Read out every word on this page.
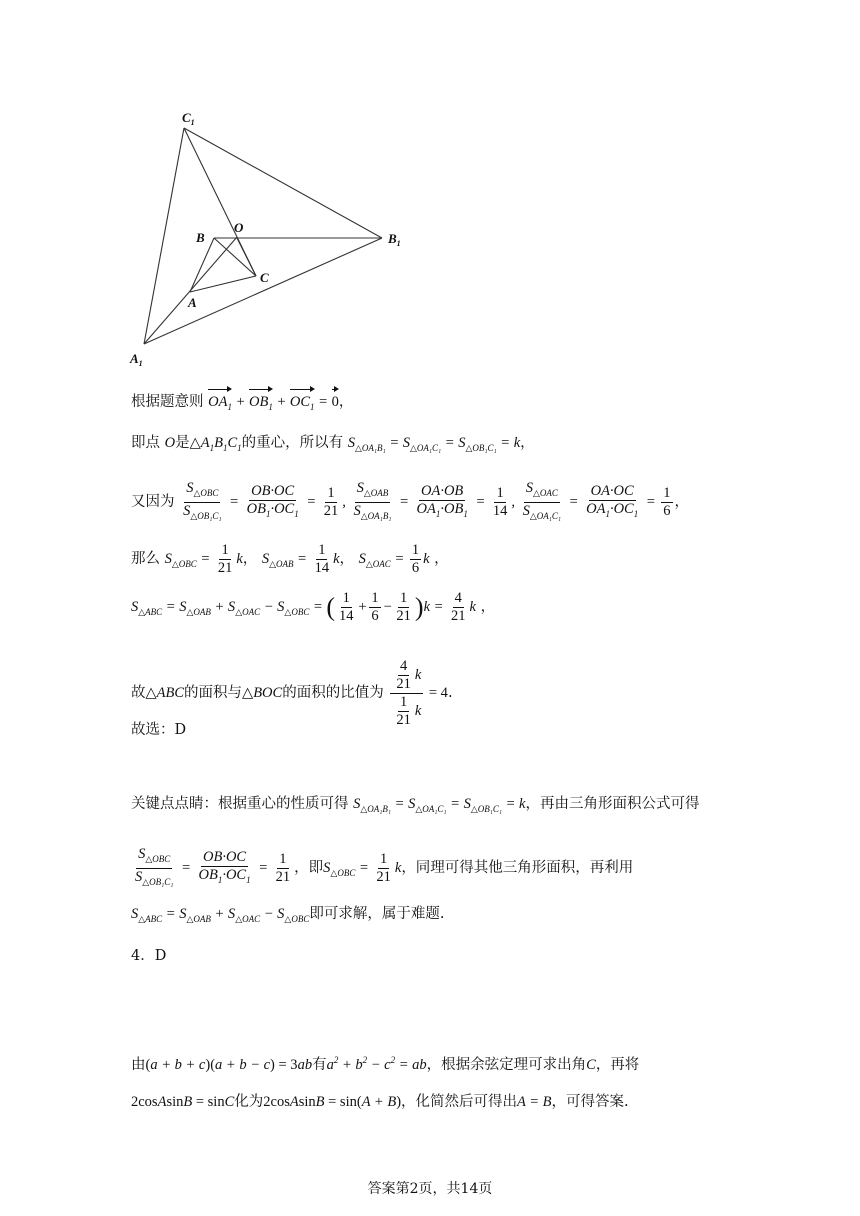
$C_1$
$B_1$
$A_1$
O
B
C
A
根据题意则 $OA_1 + OB_1 + OC_1 = 0$，
即点 O是$\triangle A_1B_1C_1$的重心，所以有 $S_{\triangle OA_1B_1} = S_{\triangle OA_1C_1} = S_{\triangle OB_1C_1} = k$，
又因为 $\frac{S_{\triangle OBC}}{S_{\triangle OB_1C_1}} = \frac{OB\cdot OC}{OB_1\cdot OC_1} = \frac{1}{21}$ , $\frac{S_{\triangle OAB}}{S_{\triangle OA_1B_1}} = \frac{OA\cdot OB}{OA_1\cdot OB_1} = \frac{1}{14}$ , $\frac{S_{\triangle OAC}}{S_{\triangle OA_1C_1}} = \frac{OA\cdot OC}{OA_1\cdot OC_1} = \frac{1}{6}$ ，
那么 $S_{\triangle OBC} = \frac{1}{21}$ k， $S_{\triangle OAB} = \frac{1}{14}$ k， $S_{\triangle OAC} = \frac{1}{6}$ k ，
$S_{\triangle ABC} = S_{\triangle OAB} + S_{\triangle OAC} - S_{\triangle OBC}$ = ( $\frac{1}{14} + \frac{1}{6} - \frac{1}{21} )k = \frac{4}{21}$ k ，
故△ABC的面积与△BOC的面积的比值为 $\frac{\frac{4}{21} k}{\frac{1}{21} k} = 4$.
故选：D
关键点点睛：根据重心的性质可得 $S_{\triangle OA_1B_1} = S_{\triangle OA_1C_1} = S_{\triangle OB_1C_1} = k$，再由三角形面积公式可得
$\frac{S_{\triangle OBC}}{S_{\triangle OB_1C_1}} = \frac{OB\cdot OC}{OB_1\cdot OC_1} = \frac{1}{21}$ ，即$S_{\triangle OBC} = \frac{1}{21}$ k，同理可得其他三角形面积，再利用
$S_{\triangle ABC} = S_{\triangle OAB} + S_{\triangle OAC} - S_{\triangle OBC}$即可求解，属于难题.
4．D
由(a + b + c)(a + b − c) = 3ab有$a^2 + b^2 - c^2$ = ab，根据余弦定理可求出角C，再将
2cosAsinB = sinC化为2cosAsinB = sin(A + B)，化简然后可得出A = B，可得答案.
答案第2页，共14页
